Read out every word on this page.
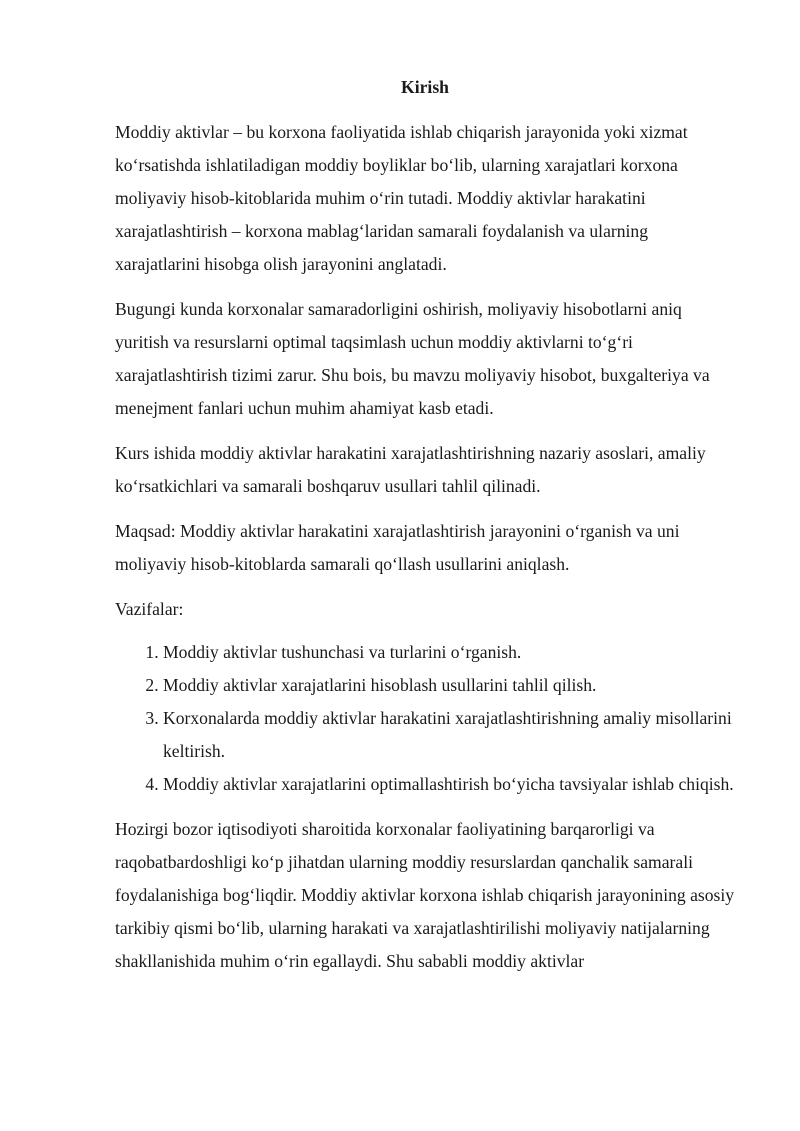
Kirish

Moddiy aktivlar – bu korxona faoliyatida ishlab chiqarish jarayonida yoki xizmat ko‘rsatishda ishlatiladigan moddiy boyliklar bo‘lib, ularning xarajatlari korxona moliyaviy hisob-kitoblarida muhim o‘rin tutadi. Moddiy aktivlar harakatini xarajatlashtirish – korxona mablag‘laridan samarali foydalanish va ularning xarajatlarini hisobga olish jarayonini anglatadi.

Bugungi kunda korxonalar samaradorligini oshirish, moliyaviy hisobotlarni aniq yuritish va resurslarni optimal taqsimlash uchun moddiy aktivlarni to‘g‘ri xarajatlashtirish tizimi zarur. Shu bois, bu mavzu moliyaviy hisobot, buxgalteriya va menejment fanlari uchun muhim ahamiyat kasb etadi.

Kurs ishida moddiy aktivlar harakatini xarajatlashtirishning nazariy asoslari, amaliy ko‘rsatkichlari va samarali boshqaruv usullari tahlil qilinadi.

Maqsad: Moddiy aktivlar harakatini xarajatlashtirish jarayonini o‘rganish va uni moliyaviy hisob-kitoblarda samarali qo‘llash usullarini aniqlash.

Vazifalar:

1. Moddiy aktivlar tushunchasi va turlarini o‘rganish.
2. Moddiy aktivlar xarajatlarini hisoblash usullarini tahlil qilish.
3. Korxonalarda moddiy aktivlar harakatini xarajatlashtirishning amaliy misollarini keltirish.
4. Moddiy aktivlar xarajatlarini optimallashtirish bo‘yicha tavsiyalar ishlab chiqish.

Hozirgi bozor iqtisodiyoti sharoitida korxonalar faoliyatining barqarorligi va raqobatbardoshligi ko‘p jihatdan ularning moddiy resurslardan qanchalik samarali foydalanishiga bog‘liqdir. Moddiy aktivlar korxona ishlab chiqarish jarayonining asosiy tarkibiy qismi bo‘lib, ularning harakati va xarajatlashtirilishi moliyaviy natijalarning shakllanishida muhim o‘rin egallaydi. Shu sababli moddiy aktivlar
